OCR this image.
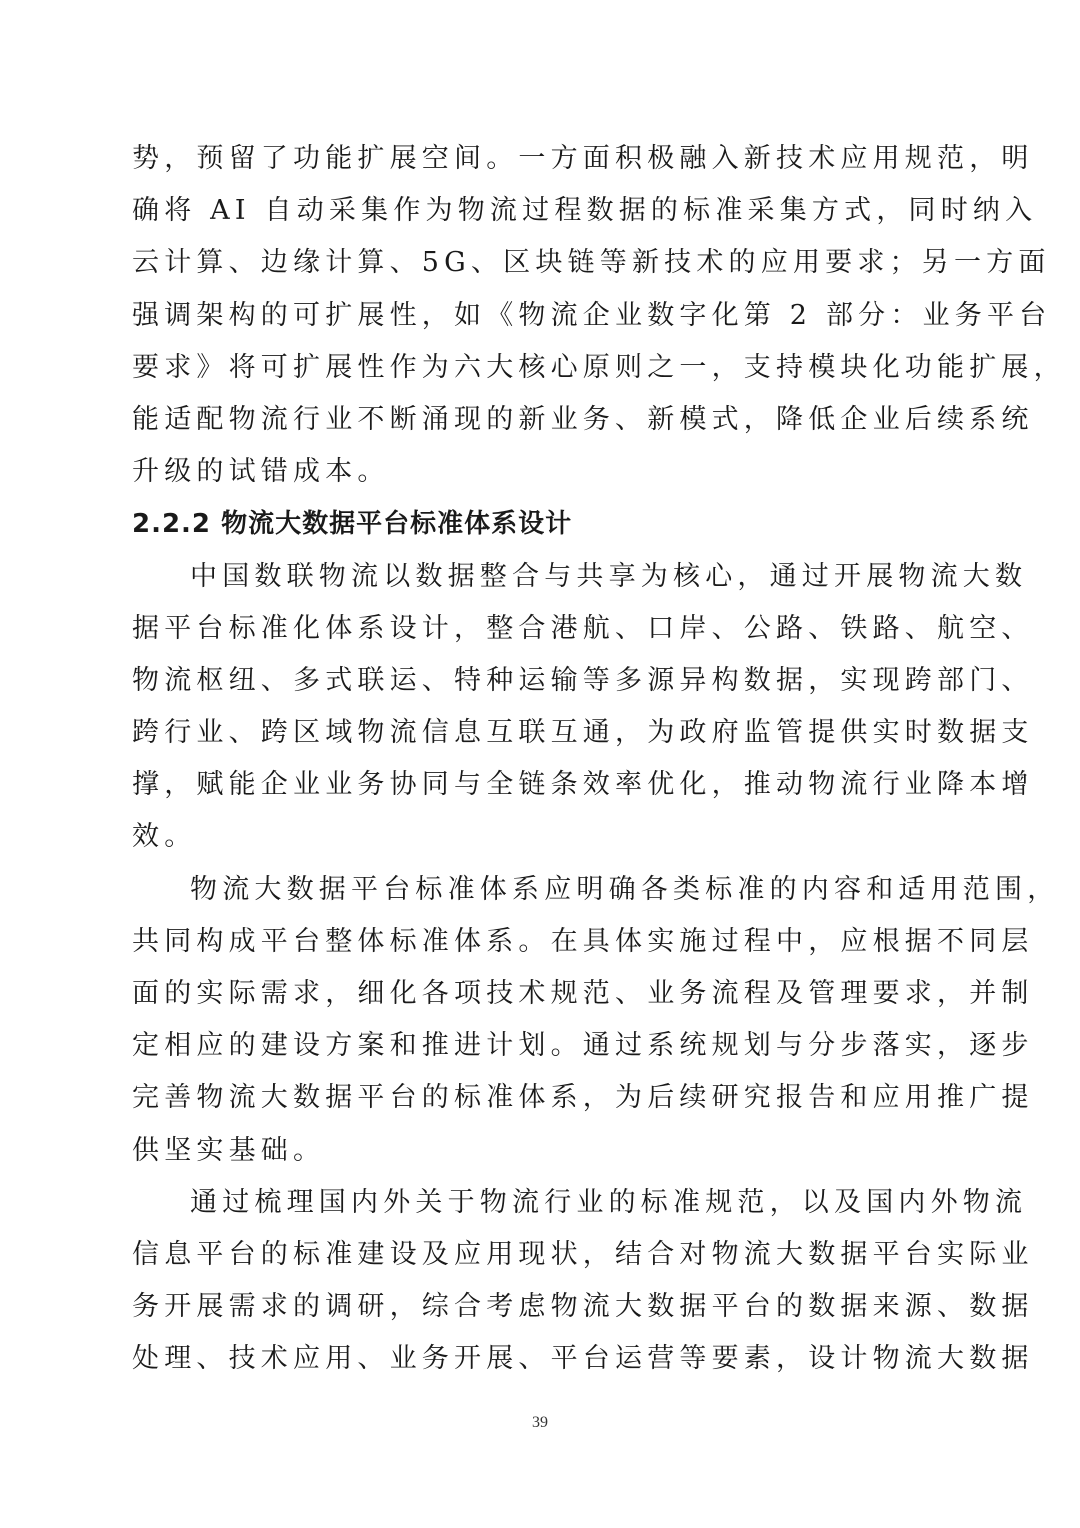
势，预留了功能扩展空间。一方面积极融入新技术应用规范，明
确将 AI 自动采集作为物流过程数据的标准采集方式，同时纳入
云计算、边缘计算、5G、区块链等新技术的应用要求；另一方面
强调架构的可扩展性，如《物流企业数字化第 2 部分：业务平台
要求》将可扩展性作为六大核心原则之一，支持模块化功能扩展，
能适配物流行业不断涌现的新业务、新模式，降低企业后续系统
升级的试错成本。
2.2.2 物流大数据平台标准体系设计
中国数联物流以数据整合与共享为核心，通过开展物流大数
据平台标准化体系设计，整合港航、口岸、公路、铁路、航空、
物流枢纽、多式联运、特种运输等多源异构数据，实现跨部门、
跨行业、跨区域物流信息互联互通，为政府监管提供实时数据支
撑，赋能企业业务协同与全链条效率优化，推动物流行业降本增
效。
物流大数据平台标准体系应明确各类标准的内容和适用范围，
共同构成平台整体标准体系。在具体实施过程中，应根据不同层
面的实际需求，细化各项技术规范、业务流程及管理要求，并制
定相应的建设方案和推进计划。通过系统规划与分步落实，逐步
完善物流大数据平台的标准体系，为后续研究报告和应用推广提
供坚实基础。
通过梳理国内外关于物流行业的标准规范，以及国内外物流
信息平台的标准建设及应用现状，结合对物流大数据平台实际业
务开展需求的调研，综合考虑物流大数据平台的数据来源、数据
处理、技术应用、业务开展、平台运营等要素，设计物流大数据
39
